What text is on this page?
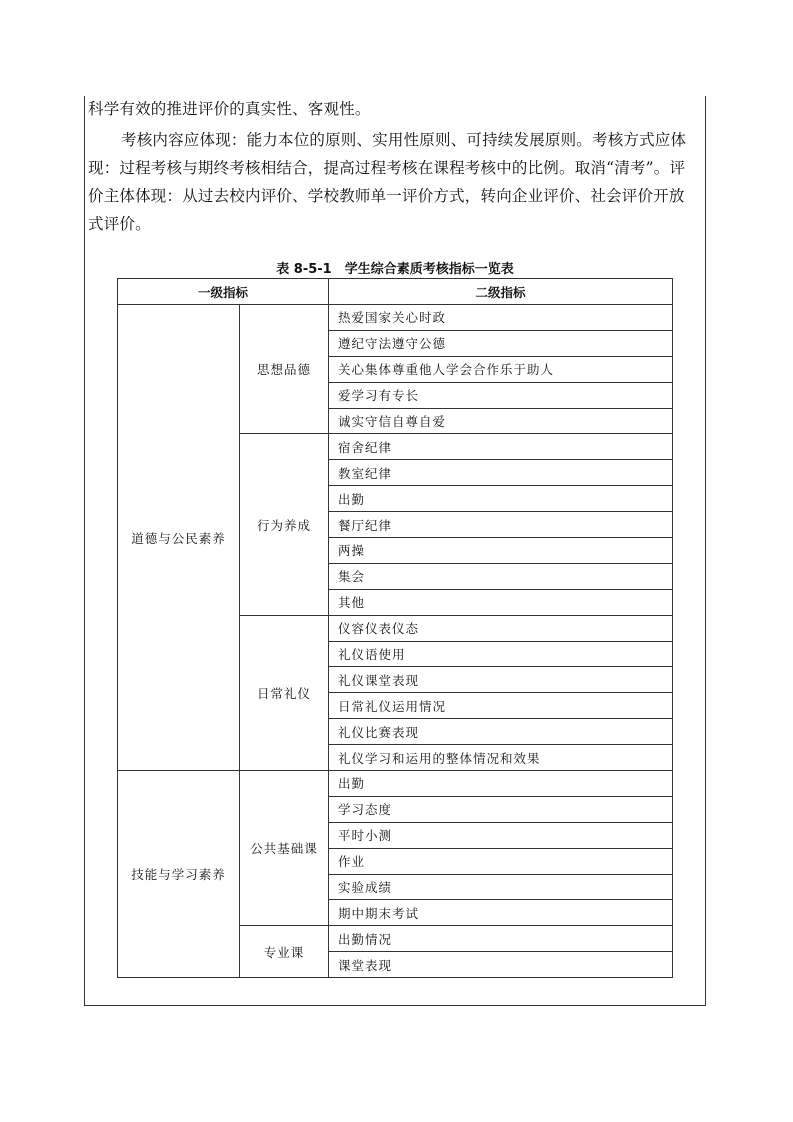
科学有效的推进评价的真实性、客观性。

考核内容应体现：能力本位的原则、实用性原则、可持续发展原则。考核方式应体现：过程考核与期终考核相结合，提高过程考核在课程考核中的比例。取消“清考”。评价主体体现：从过去校内评价、学校教师单一评价方式，转向企业评价、社会评价开放式评价。

表 8-5-1　学生综合素质考核指标一览表
一级指标		二级指标
道德与公民素养	思想品德	热爱国家关心时政
		遵纪守法遵守公德
		关心集体尊重他人学会合作乐于助人
		爱学习有专长
		诚实守信自尊自爱
	行为养成	宿舍纪律
		教室纪律
		出勤
		餐厅纪律
		两操
		集会
		其他
	日常礼仪	仪容仪表仪态
		礼仪语使用
		礼仪课堂表现
		日常礼仪运用情况
		礼仪比赛表现
		礼仪学习和运用的整体情况和效果
技能与学习素养	公共基础课	出勤
		学习态度
		平时小测
		作业
		实验成绩
		期中期末考试
	专业课	出勤情况
		课堂表现
